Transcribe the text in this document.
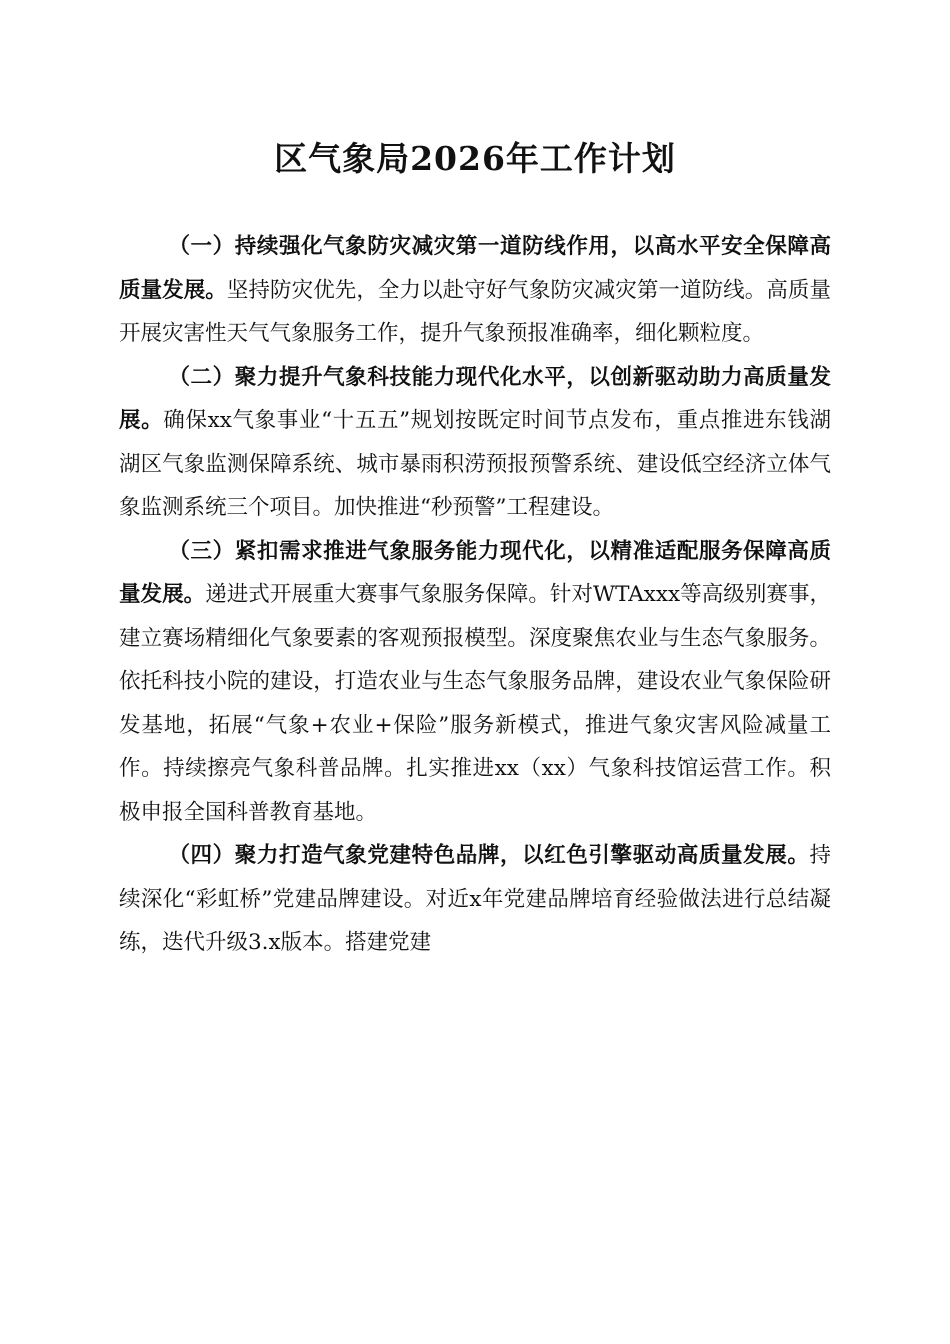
区气象局2026年工作计划

（一）持续强化气象防灾减灾第一道防线作用，以高水平安全保障高质量发展。坚持防灾优先，全力以赴守好气象防灾减灾第一道防线。高质量开展灾害性天气气象服务工作，提升气象预报准确率，细化颗粒度。

（二）聚力提升气象科技能力现代化水平，以创新驱动助力高质量发展。确保xx气象事业“十五五”规划按既定时间节点发布，重点推进东钱湖湖区气象监测保障系统、城市暴雨积涝预报预警系统、建设低空经济立体气象监测系统三个项目。加快推进“秒预警”工程建设。

（三）紧扣需求推进气象服务能力现代化，以精准适配服务保障高质量发展。递进式开展重大赛事气象服务保障。针对WTAxxx等高级别赛事，建立赛场精细化气象要素的客观预报模型。深度聚焦农业与生态气象服务。依托科技小院的建设，打造农业与生态气象服务品牌，建设农业气象保险研发基地，拓展“气象+农业+保险”服务新模式，推进气象灾害风险减量工作。持续擦亮气象科普品牌。扎实推进xx（xx）气象科技馆运营工作。积极申报全国科普教育基地。

（四）聚力打造气象党建特色品牌，以红色引擎驱动高质量发展。持续深化“彩虹桥”党建品牌建设。对近x年党建品牌培育经验做法进行总结凝练，迭代升级3.x版本。搭建党建
